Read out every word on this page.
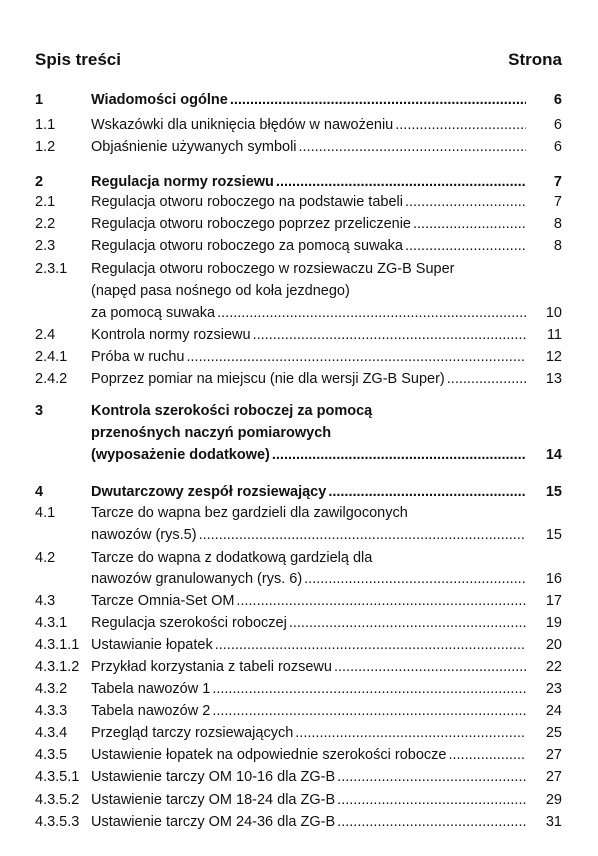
Spis treści	Strona
1	Wiadomości ogólne .....	6
1.1 Wskazówki dla uniknięcia błędów w nawożeniu .....	6
1.2 Objaśnienie używanych symboli .....	6
2	Regulacja normy rozsiewu .....	7
2.1 Regulacja otworu roboczego na podstawie tabeli .....	7
2.2 Regulacja otworu roboczego poprzez przeliczenie .....	8
2.3 Regulacja otworu roboczego za pomocą suwaka .....	8
2.3.1 Regulacja otworu roboczego w rozsiewaczu ZG-B Super
(napęd pasa nośnego od koła jezdnego)
za pomocą suwaka .....	10
2.4 Kontrola normy rozsiewu .....	11
2.4.1 Próba w ruchu .....	12
2.4.2 Poprzez pomiar na miejscu (nie dla wersji ZG-B Super) .....	13
3	Kontrola szerokości roboczej za pomocą
przenośnych naczyń pomiarowych
(wyposażenie dodatkowe) .....	14
4	Dwutarczowy zespół rozsiewający .....	15
4.1 Tarcze do wapna bez gardzieli dla zawilgoconych
nawozów (rys.5) .....	15
4.2 Tarcze do wapna z dodatkową gardzielą dla
nawozów granulowanych (rys. 6) .....	16
4.3 Tarcze Omnia-Set OM .....	17
4.3.1 Regulacja szerokości roboczej .....	19
4.3.1.1 Ustawianie łopatek .....	20
4.3.1.2 Przykład korzystania z tabeli rozsewu .....	22
4.3.2 Tabela nawozów 1 .....	23
4.3.3 Tabela nawozów 2 .....	24
4.3.4 Przegląd tarczy rozsiewających .....	25
4.3.5 Ustawienie łopatek na odpowiednie szerokości robocze .....	27
4.3.5.1 Ustawienie tarczy OM 10-16 dla ZG-B .....	27
4.3.5.2 Ustawienie tarczy OM 18-24 dla ZG-B .....	29
4.3.5.3 Ustawienie tarczy OM 24-36 dla ZG-B .....	31
